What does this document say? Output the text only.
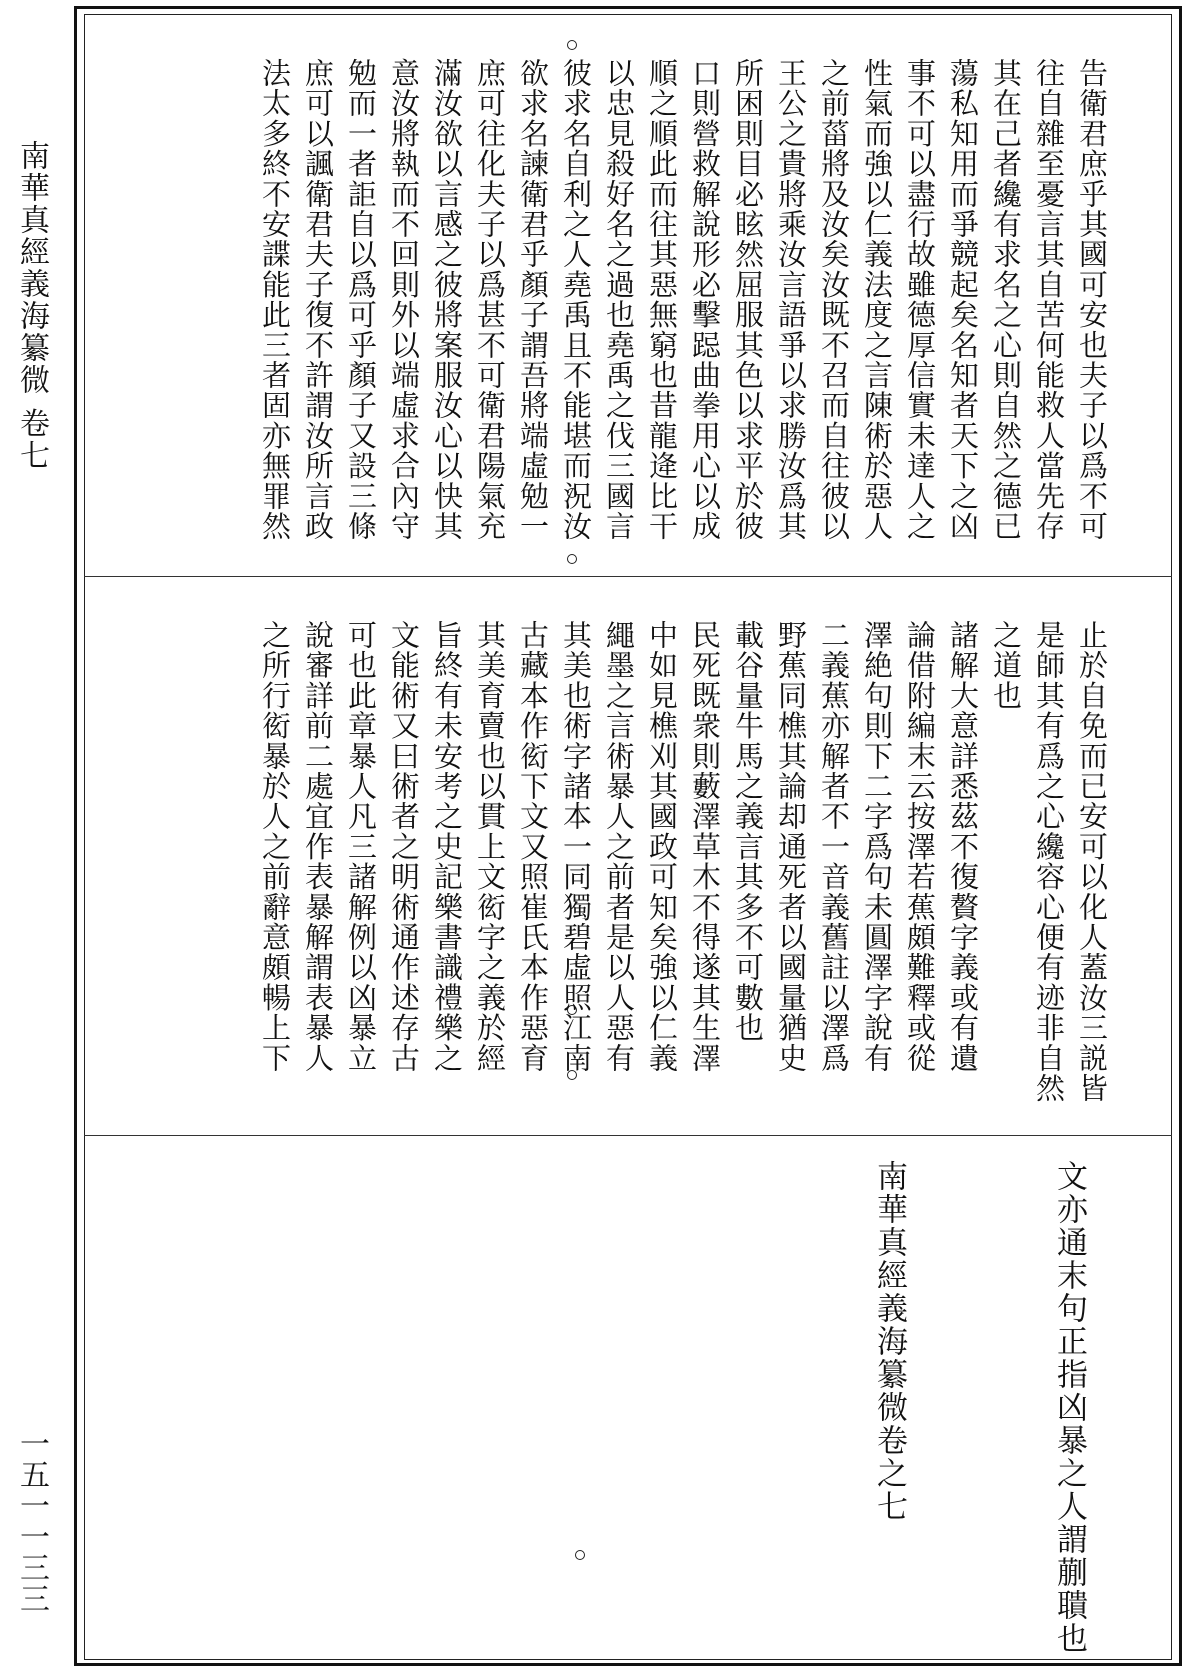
南華真經義海纂微 卷七
一五一一三三
告衛君庶乎其國可安也夫子以爲不可
往自雜至憂言其自苦何能救人當先存
其在己者纔有求名之心則自然之德已
蕩私知用而爭競起矣名知者天下之凶
事不可以盡行故雖德厚信實未達人之
性氣而強以仁義法度之言陳術於惡人
之前菑將及汝矣汝既不召而自往彼以
王公之貴將乘汝言語爭以求勝汝爲其
所困則目必眩然屈服其色以求平於彼
口則營救解說形必擊跽曲拳用心以成
順之順此而往其惡無窮也昔龍逄比干
以忠見殺好名之過也堯禹之伐三國言
彼求名自利之人堯禹且不能堪而況汝
欲求名諫衛君乎顏子謂吾將端虛勉一
庶可往化夫子以爲甚不可衛君陽氣充
滿汝欲以言感之彼將案服汝心以快其
意汝將執而不回則外以端虛求合內守
勉而一者詎自以爲可乎顏子又設三條
庶可以諷衛君夫子復不許謂汝所言政
法太多終不安諜能此三者固亦無罪然
止於自免而已安可以化人蓋汝三説皆
是師其有爲之心纔容心便有迹非自然
之道也
諸解大意詳悉茲不復贅字義或有遺
論借附編末云按澤若蕉頗難釋或從
澤絶句則下二字爲句未圓澤字說有
二義蕉亦解者不一音義舊註以澤爲
野蕉同樵其論却通死者以國量猶史
載谷量牛馬之義言其多不可數也
民死既衆則藪澤草木不得遂其生澤
中如見樵刈其國政可知矣強以仁義
繩墨之言術暴人之前者是以人惡有
其美也術字諸本一同獨碧虛照江南
古藏本作衒下文又照崔氏本作惡育
其美育賣也以貫上文衒字之義於經
旨終有未安考之史記樂書識禮樂之
文能術又曰術者之明術通作述存古
可也此章暴人凡三諸解例以凶暴立
說審詳前二處宜作表暴解謂表暴人
之所行衒暴於人之前辭意頗暢上下
文亦通末句正指凶暴之人謂蒯聵也
南華真經義海纂微卷之七
